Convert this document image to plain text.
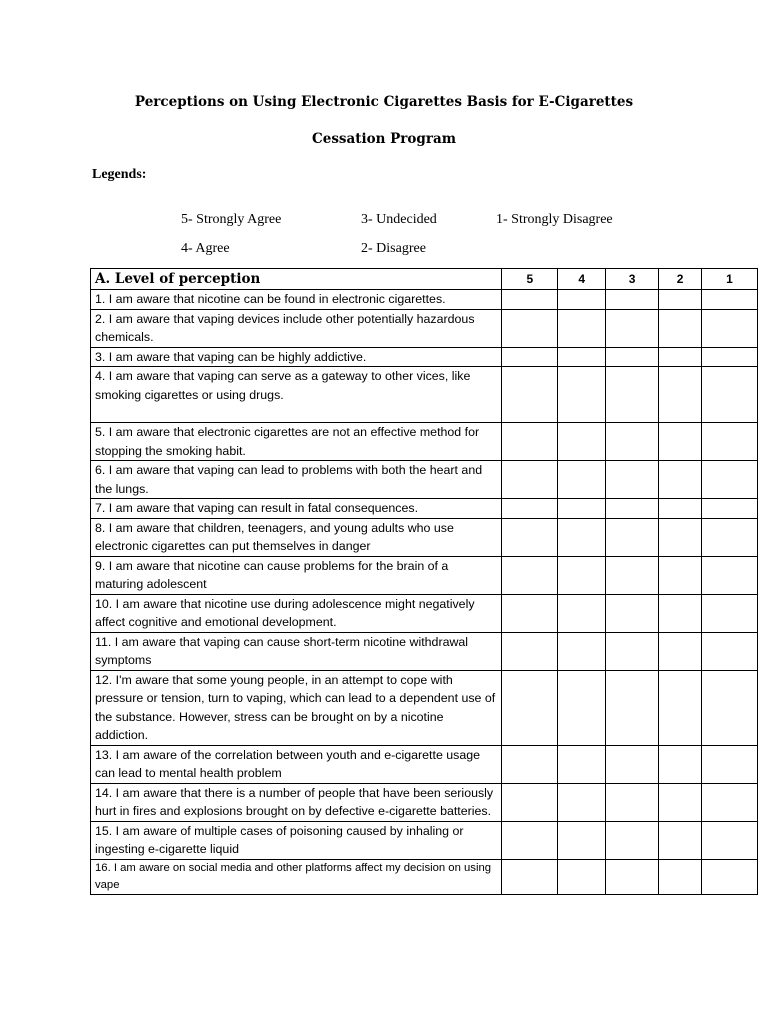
Perceptions on Using Electronic Cigarettes Basis for E-Cigarettes
Cessation Program
Legends:
5- Strongly Agree	3- Undecided	1- Strongly Disagree
4- Agree	2- Disagree
A. Level of perception	5	4	3	2	1
1. I am aware that nicotine can be found in electronic cigarettes.					
2. I am aware that vaping devices include other potentially hazardous chemicals.					
3. I am aware that vaping can be highly addictive.					
4. I am aware that vaping can serve as a gateway to other vices, like smoking cigarettes or using drugs.					
5. I am aware that electronic cigarettes are not an effective method for stopping the smoking habit.					
6. I am aware that vaping can lead to problems with both the heart and the lungs.					
7. I am aware that vaping can result in fatal consequences.					
8. I am aware that children, teenagers, and young adults who use electronic cigarettes can put themselves in danger					
9. I am aware that nicotine can cause problems for the brain of a maturing adolescent					
10. I am aware that nicotine use during adolescence might negatively affect cognitive and emotional development.					
11. I am aware that vaping can cause short-term nicotine withdrawal symptoms					
12. I'm aware that some young people, in an attempt to cope with pressure or tension, turn to vaping, which can lead to a dependent use of the substance. However, stress can be brought on by a nicotine addiction.					
13. I am aware of the correlation between youth and e-cigarette usage can lead to mental health problem					
14. I am aware that there is a number of people that have been seriously hurt in fires and explosions brought on by defective e-cigarette batteries.					
15. I am aware of multiple cases of poisoning caused by inhaling or ingesting e-cigarette liquid					
16. I am aware on social media and other platforms affect my decision on using vape					
